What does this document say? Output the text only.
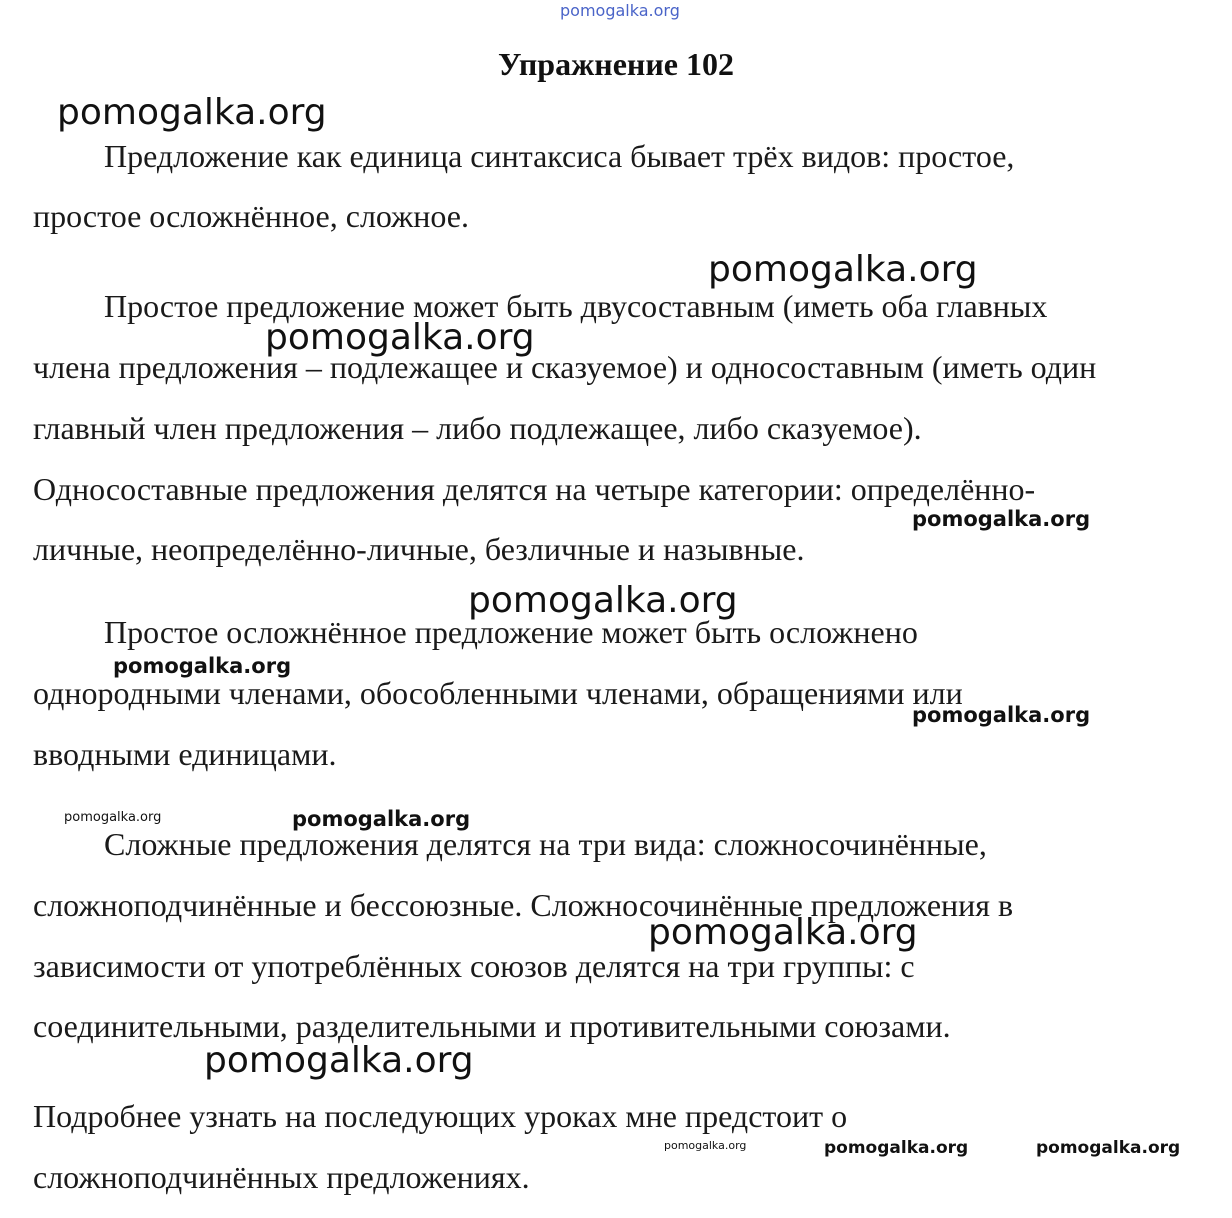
pomogalka.org
Упражнение 102
Предложение как единица синтаксиса бывает трёх видов: простое,
простое осложнённое, сложное.
Простое предложение может быть двусоставным (иметь оба главных
члена предложения – подлежащее и сказуемое) и односоставным (иметь один
главный член предложения – либо подлежащее, либо сказуемое).
Односоставные предложения делятся на четыре категории: определённо-
личные, неопределённо-личные, безличные и назывные.
Простое осложнённое предложение может быть осложнено
однородными членами, обособленными членами, обращениями или
вводными единицами.
Сложные предложения делятся на три вида: сложносочинённые,
сложноподчинённые и бессоюзные. Сложносочинённые предложения в
зависимости от употреблённых союзов делятся на три группы: с
соединительными, разделительными и противительными союзами.
Подробнее узнать на последующих уроках мне предстоит о
сложноподчинённых предложениях.
pomogalka.org
pomogalka.org
pomogalka.org
pomogalka.org
pomogalka.org
pomogalka.org
pomogalka.org
pomogalka.org	pomogalka.org
pomogalka.org
pomogalka.org
pomogalka.org	pomogalka.org	pomogalka.org
